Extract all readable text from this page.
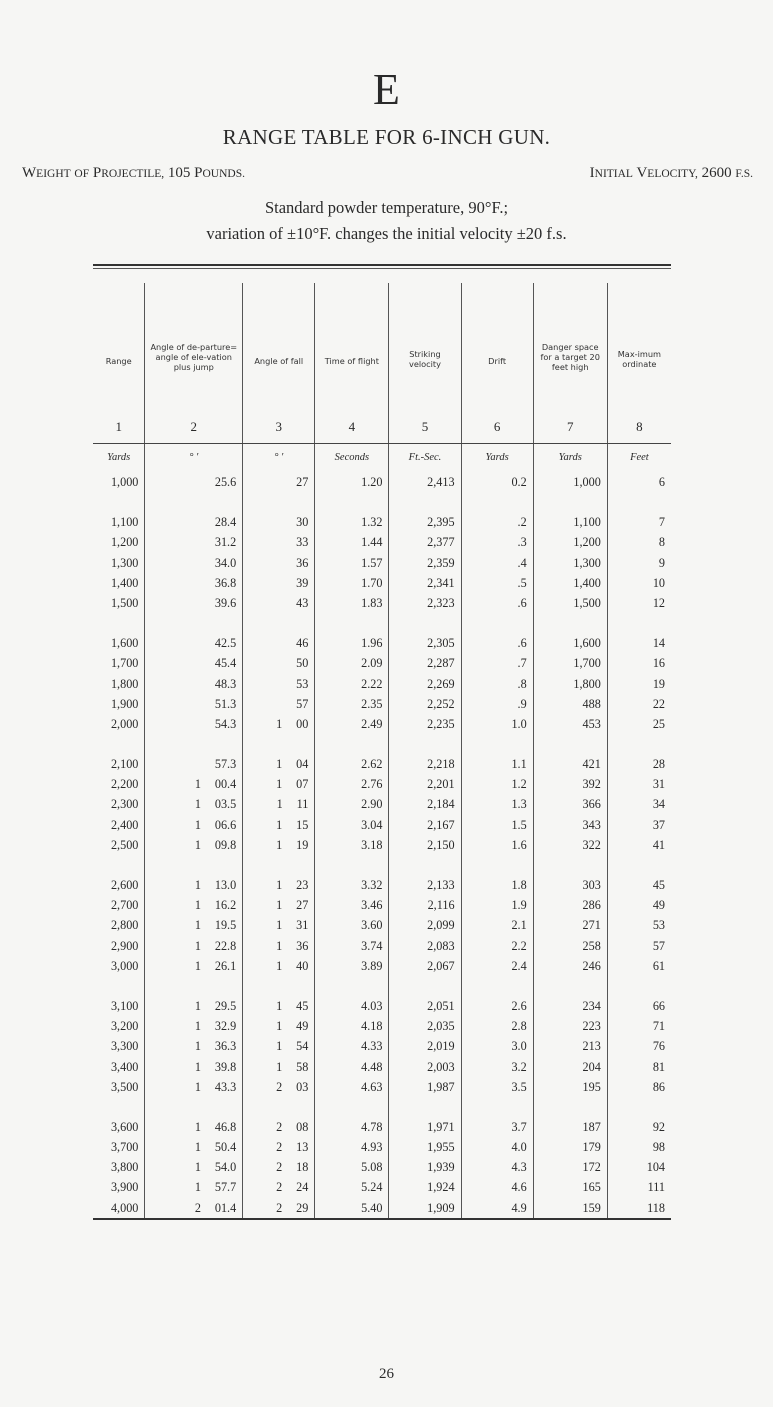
E
RANGE TABLE FOR 6-INCH GUN.
WEIGHT OF PROJECTILE, 105 POUNDS.	INITIAL VELOCITY, 2600 F.S.
Standard powder temperature, 90°F.;
variation of ±10°F. changes the initial velocity ±20 f.s.
Range
1
Angle of de-parture= angle of ele-vation plus jump
2
Angle of fall
3
Time of flight
4
Striking velocity
5
Drift
6
Danger space for a target 20 feet high
7
Max-imum ordinate
8
Yards
1,000
1,100
1,200
1,300
1,400
1,500
1,600
1,700
1,800
1,900
2,000
2,100
2,200
2,300
2,400
2,500
2,600
2,700
2,800
2,900
3,000
3,100
3,200
3,300
3,400
3,500
3,600
3,700
3,800
3,900
4,000
° ′
25.6
28.4
31.2
34.0
36.8
39.6
42.5
45.4
48.3
51.3
54.3
57.3
1 00.4
1 03.5
1 06.6
1 09.8
1 13.0
1 16.2
1 19.5
1 22.8
1 26.1
1 29.5
1 32.9
1 36.3
1 39.8
1 43.3
1 46.8
1 50.4
1 54.0
1 57.7
2 01.4
° ′
27
30
33
36
39
43
46
50
53
57
1 00
1 04
1 07
1 11
1 15
1 19
1 23
1 27
1 31
1 36
1 40
1 45
1 49
1 54
1 58
2 03
2 08
2 13
2 18
2 24
2 29
Seconds
1.20
1.32
1.44
1.57
1.70
1.83
1.96
2.09
2.22
2.35
2.49
2.62
2.76
2.90
3.04
3.18
3.32
3.46
3.60
3.74
3.89
4.03
4.18
4.33
4.48
4.63
4.78
4.93
5.08
5.24
5.40
Ft.-Sec.
2,413
2,395
2,377
2,359
2,341
2,323
2,305
2,287
2,269
2,252
2,235
2,218
2,201
2,184
2,167
2,150
2,133
2,116
2,099
2,083
2,067
2,051
2,035
2,019
2,003
1,987
1,971
1,955
1,939
1,924
1,909
Yards
0.2
.2
.3
.4
.5
.6
.6
.7
.8
.9
1.0
1.1
1.2
1.3
1.5
1.6
1.8
1.9
2.1
2.2
2.4
2.6
2.8
3.0
3.2
3.5
3.7
4.0
4.3
4.6
4.9
Yards
1,000
1,100
1,200
1,300
1,400
1,500
1,600
1,700
1,800
488
453
421
392
366
343
322
303
286
271
258
246
234
223
213
204
195
187
179
172
165
159
Feet
6
7
8
9
10
12
14
16
19
22
25
28
31
34
37
41
45
49
53
57
61
66
71
76
81
86
92
98
104
111
118
26
